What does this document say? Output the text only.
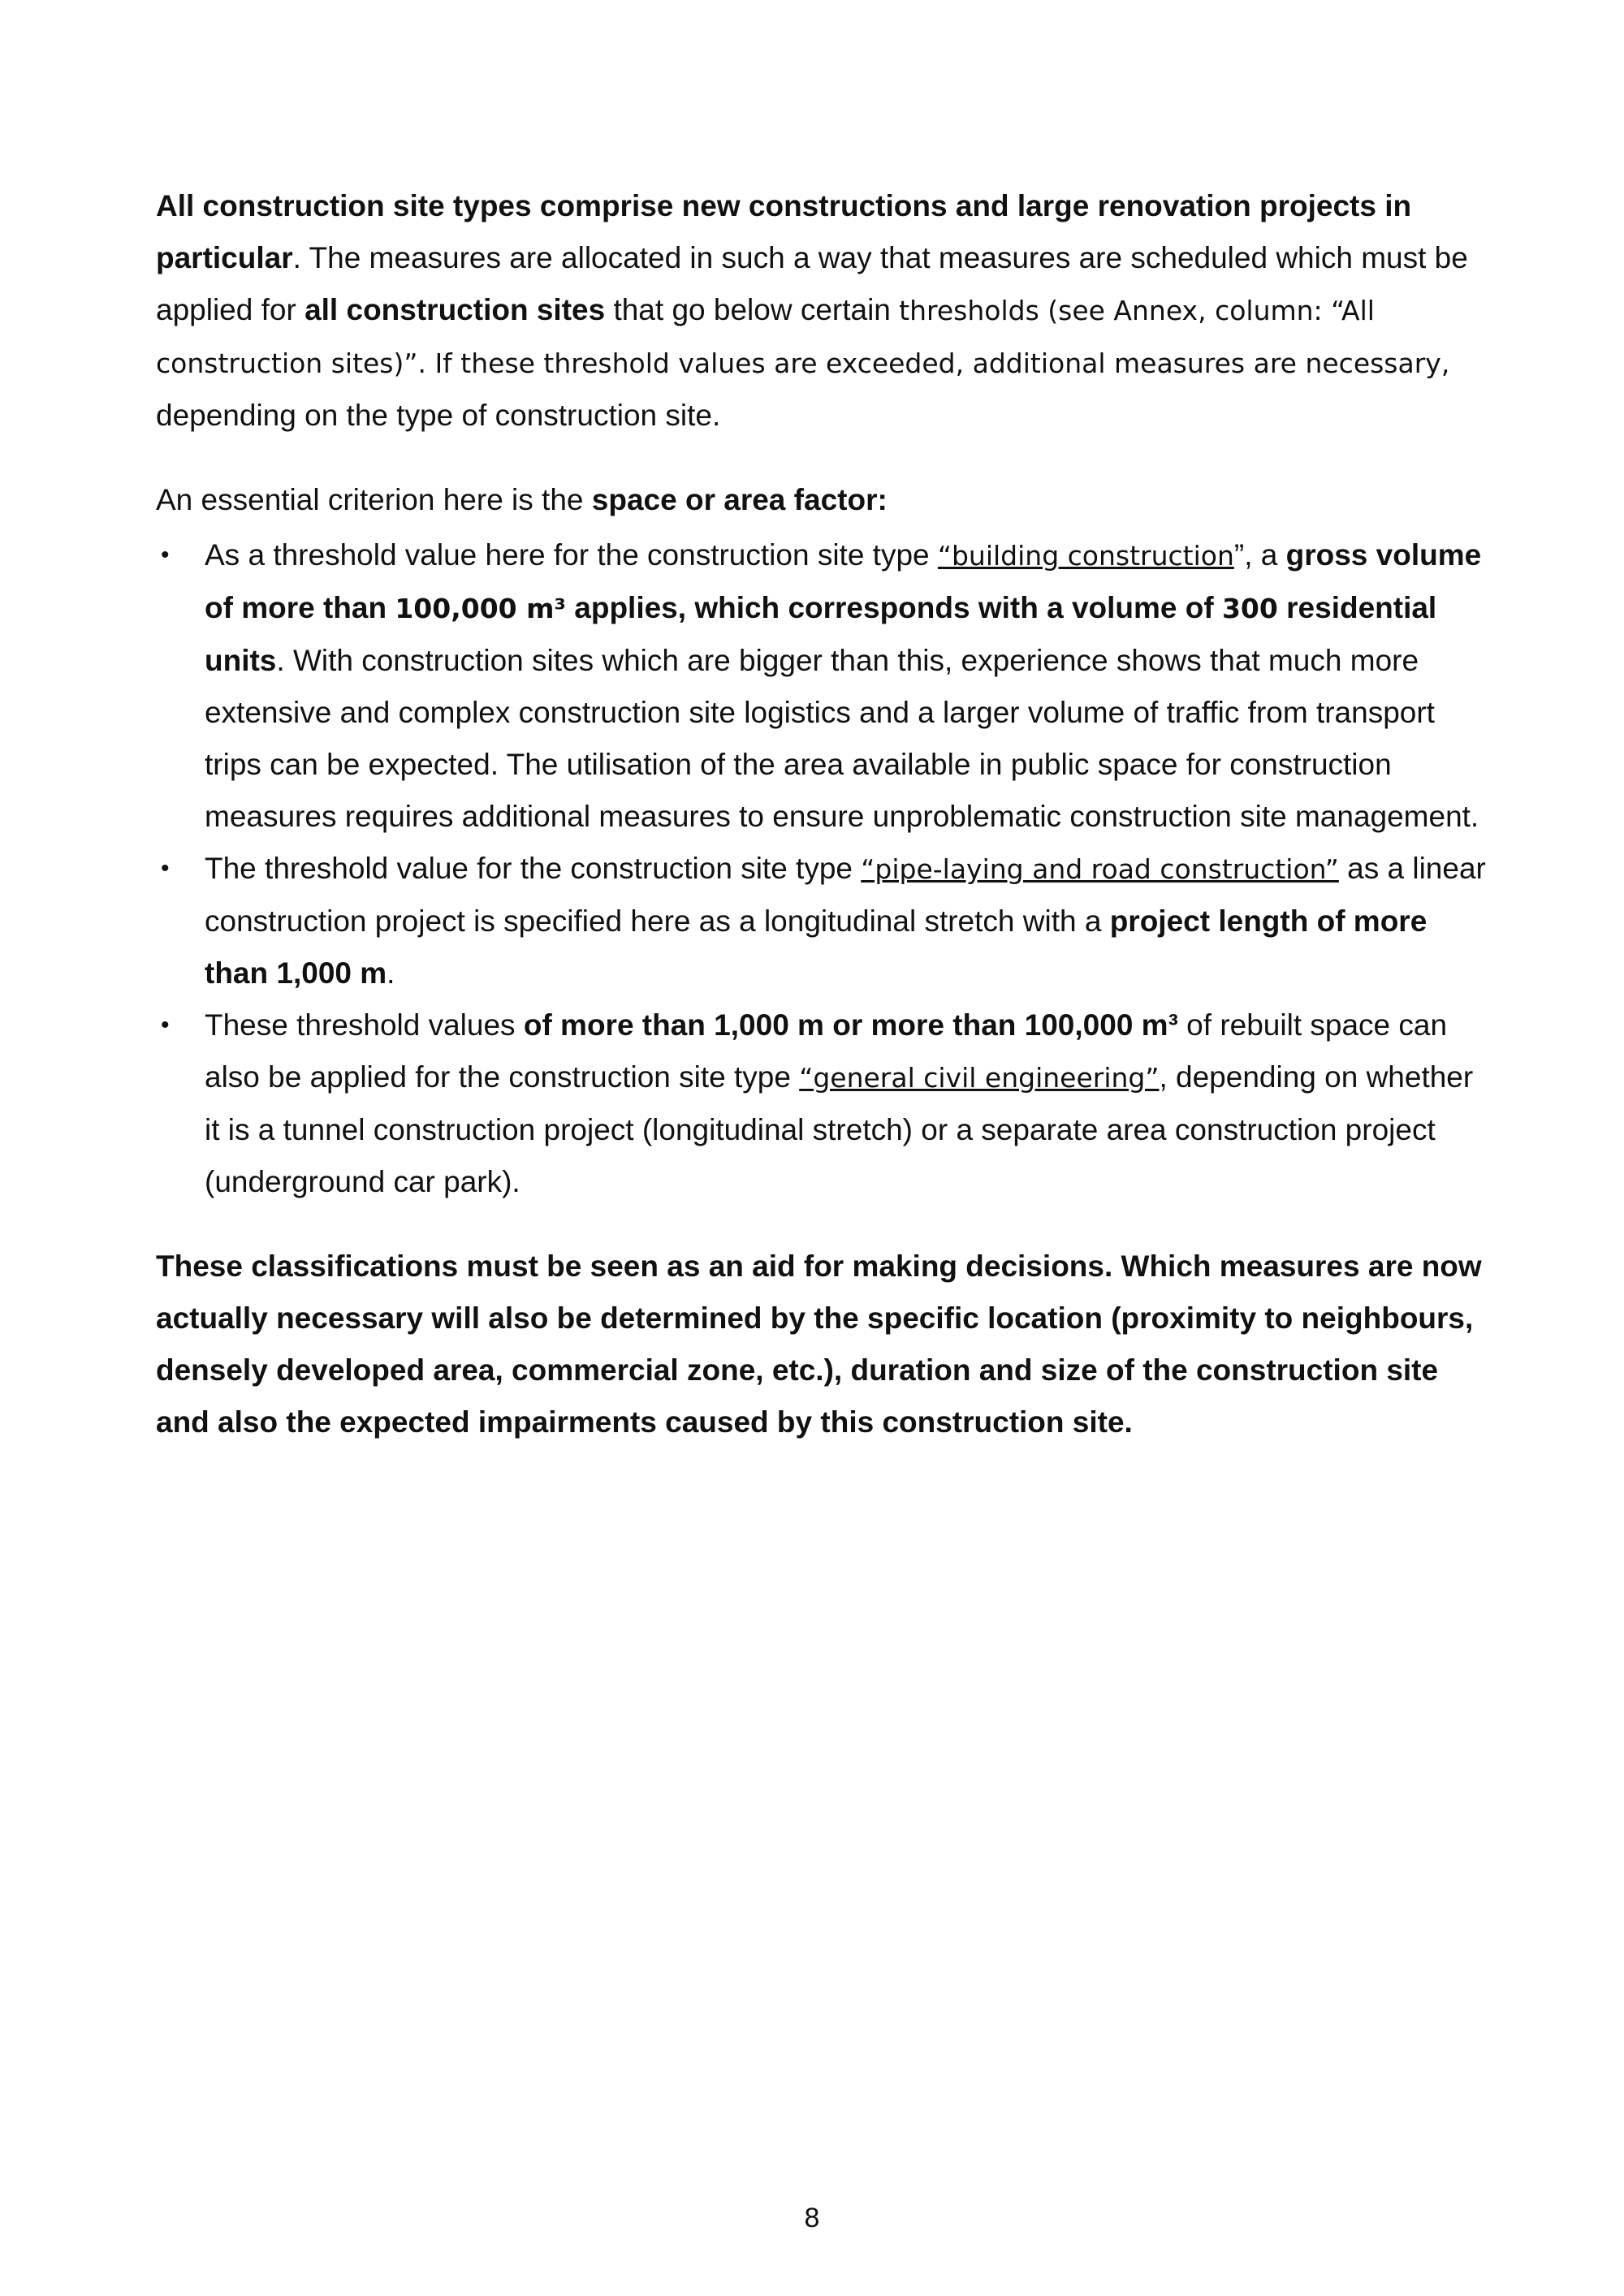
All construction site types comprise new constructions and large renovation projects in particular. The measures are allocated in such a way that measures are scheduled which must be applied for all construction sites that go below certain thresholds (see Annex, column: “All construction sites)”. If these threshold values are exceeded, additional measures are necessary, depending on the type of construction site.

An essential criterion here is the space or area factor:

• As a threshold value here for the construction site type “building construction”, a gross volume of more than 100,000 m³ applies, which corresponds with a volume of 300 residential units. With construction sites which are bigger than this, experience shows that much more extensive and complex construction site logistics and a larger volume of traffic from transport trips can be expected. The utilisation of the area available in public space for construction measures requires additional measures to ensure unproblematic construction site management.
• The threshold value for the construction site type “pipe-laying and road construction” as a linear construction project is specified here as a longitudinal stretch with a project length of more than 1,000 m.
• These threshold values of more than 1,000 m or more than 100,000 m³ of rebuilt space can also be applied for the construction site type “general civil engineering”, depending on whether it is a tunnel construction project (longitudinal stretch) or a separate area construction project (underground car park).

These classifications must be seen as an aid for making decisions. Which measures are now actually necessary will also be determined by the specific location (proximity to neighbours, densely developed area, commercial zone, etc.), duration and size of the construction site and also the expected impairments caused by this construction site.

8
